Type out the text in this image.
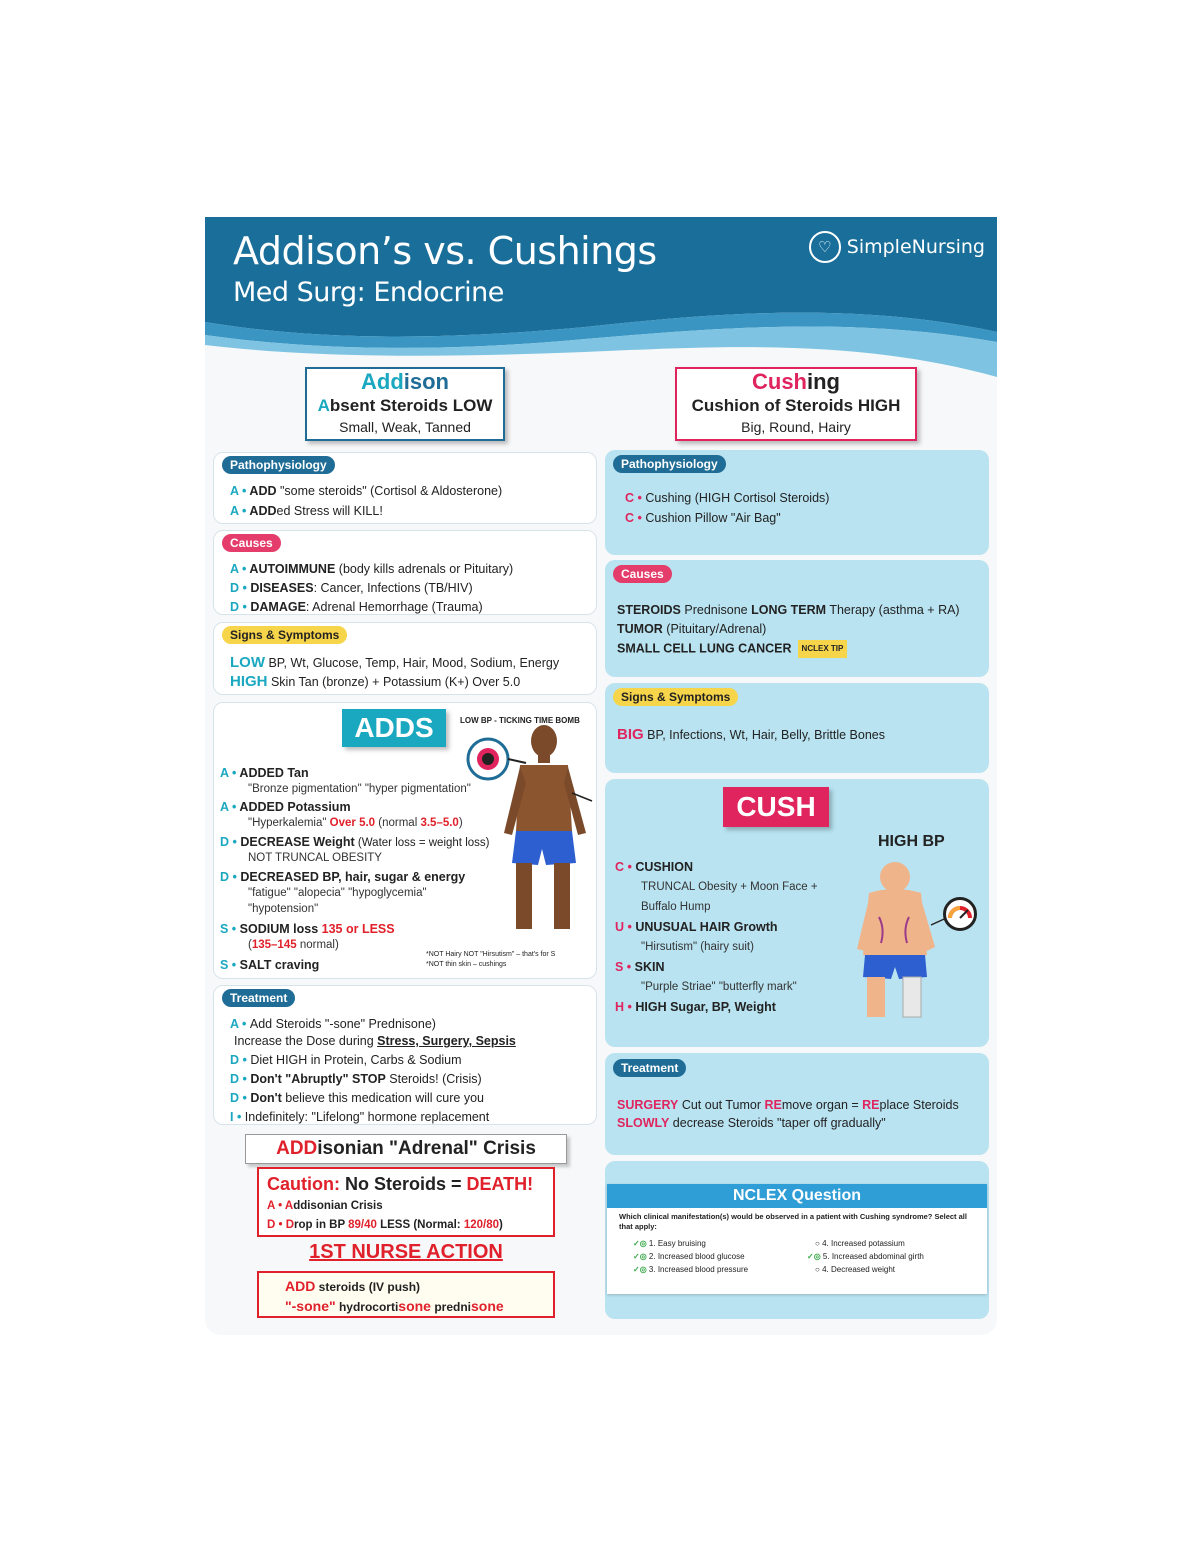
Addison’s vs. Cushings
Med Surg: Endocrine
♡ SimpleNursing
Addison
Absent Steroids LOW
Small, Weak, Tanned
Cushing
Cushion of Steroids HIGH
Big, Round, Hairy
Pathophysiology
A • ADD "some steroids" (Cortisol & Aldosterone)
A • ADDed Stress will KILL!
Causes
A • AUTOIMMUNE (body kills adrenals or Pituitary)
D • DISEASES: Cancer, Infections (TB/HIV)
D • DAMAGE: Adrenal Hemorrhage (Trauma)
Signs & Symptoms
LOW BP, Wt, Glucose, Temp, Hair, Mood, Sodium, Energy
HIGH Skin Tan (bronze) + Potassium (K+) Over 5.0
ADDS	LOW BP - TICKING TIME BOMB
A • ADDED Tan
"Bronze pigmentation" "hyper pigmentation"
A • ADDED Potassium
"Hyperkalemia" Over 5.0 (normal 3.5–5.0)
D • DECREASE Weight (Water loss = weight loss)
NOT TRUNCAL OBESITY
D • DECREASED BP, hair, sugar & energy
"fatigue" "alopecia" "hypoglycemia"
"hypotension"
S • SODIUM loss 135 or LESS
(135–145 normal)
S • SALT craving
*NOT Hairy NOT "Hirsutism" – that's for S
*NOT thin skin – cushings
Treatment
A • Add Steroids "-sone" Prednisone)
Increase the Dose during Stress, Surgery, Sepsis
D • Diet HIGH in Protein, Carbs & Sodium
D • Don't "Abruptly" STOP Steroids! (Crisis)
D • Don't believe this medication will cure you
I • Indefinitely: "Lifelong" hormone replacement
ADDisonian "Adrenal" Crisis
Caution: No Steroids = DEATH!
A • Addisonian Crisis
D • Drop in BP 89/40 LESS (Normal: 120/80)
1ST NURSE ACTION
ADD steroids (IV push)
"-sone" hydrocortisone prednisone
Pathophysiology
C • Cushing (HIGH Cortisol Steroids)
C • Cushion Pillow "Air Bag"
Causes
STEROIDS Prednisone LONG TERM Therapy (asthma + RA)
TUMOR (Pituitary/Adrenal)
SMALL CELL LUNG CANCER NCLEX TIP
Signs & Symptoms
BIG BP, Infections, Wt, Hair, Belly, Brittle Bones
CUSH
HIGH BP
C • CUSHION
TRUNCAL Obesity + Moon Face +
Buffalo Hump
U • UNUSUAL HAIR Growth
"Hirsutism" (hairy suit)
S • SKIN
"Purple Striae" "butterfly mark"
H • HIGH Sugar, BP, Weight
Treatment
SURGERY Cut out Tumor REmove organ = REplace Steroids
SLOWLY decrease Steroids "taper off gradually"
NCLEX Question
Which clinical manifestation(s) would be observed in a patient with Cushing syndrome? Select all that apply:
✓◎ 1. Easy bruising
✓◎ 2. Increased blood glucose
✓◎ 3. Increased blood pressure
○ 4. Increased potassium
✓◎ 5. Increased abdominal girth
○ 4. Decreased weight
